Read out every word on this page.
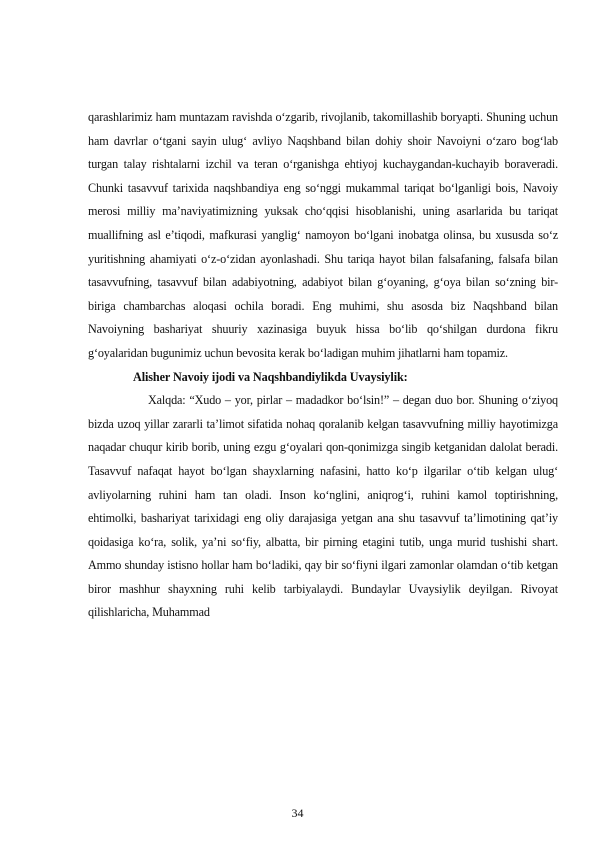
qarashlarimiz ham muntazam ravishda o‘zgarib, rivojlanib, takomillashib boryapti. Shuning uchun ham davrlar o‘tgani sayin ulug‘ avliyo Naqshband bilan dohiy shoir Navoiyni o‘zaro bog‘lab turgan talay rishtalarni izchil va teran o‘rganishga ehtiyoj kuchaygandan-kuchayib boraveradi. Chunki tasavvuf tarixida naqshbandiya eng so‘nggi mukammal tariqat bo‘lganligi bois, Navoiy merosi milliy ma’naviyatimizning yuksak cho‘qqisi hisoblanishi, uning asarlarida bu tariqat muallifning asl e’tiqodi, mafkurasi yanglig‘ namoyon bo‘lgani inobatga olinsa, bu xususda so‘z yuritishning ahamiyati o‘z-o‘zidan ayonlashadi. Shu tariqa hayot bilan falsafaning, falsafa bilan tasavvufning, tasavvuf bilan adabiyotning, adabiyot bilan g‘oyaning, g‘oya bilan so‘zning bir-biriga chambarchas aloqasi ochila boradi. Eng muhimi, shu asosda biz Naqshband bilan Navoiyning bashariyat shuuriy xazinasiga buyuk hissa bo‘lib qo‘shilgan durdona fikru g‘oyalaridan bugunimiz uchun bevosita kerak bo‘ladigan muhim jihatlarni ham topamiz.

Alisher Navoiy ijodi va Naqshbandiylikda Uvaysiylik:

Xalqda: “Xudo – yor, pirlar – madadkor bo‘lsin!” – degan duo bor. Shuning o‘ziyoq bizda uzoq yillar zararli ta’limot sifatida nohaq qoralanib kelgan tasavvufning milliy hayotimizga naqadar chuqur kirib borib, uning ezgu g‘oyalari qon-qonimizga singib ketganidan dalolat beradi. Tasavvuf nafaqat hayot bo‘lgan shayxlarning nafasini, hatto ko‘p ilgarilar o‘tib kelgan ulug‘ avliyolarning ruhini ham tan oladi. Inson ko‘nglini, aniqrog‘i, ruhini kamol toptirishning, ehtimolki, bashariyat tarixidagi eng oliy darajasiga yetgan ana shu tasavvuf ta’limotining qat’iy qoidasiga ko‘ra, solik, ya’ni so‘fiy, albatta, bir pirning etagini tutib, unga murid tushishi shart. Ammo shunday istisno hollar ham bo‘ladiki, qay bir so‘fiyni ilgari zamonlar olamdan o‘tib ketgan biror mashhur shayxning ruhi kelib tarbiyalaydi. Bundaylar Uvaysiylik deyilgan. Rivoyat qilishlaricha, Muhammad

34
